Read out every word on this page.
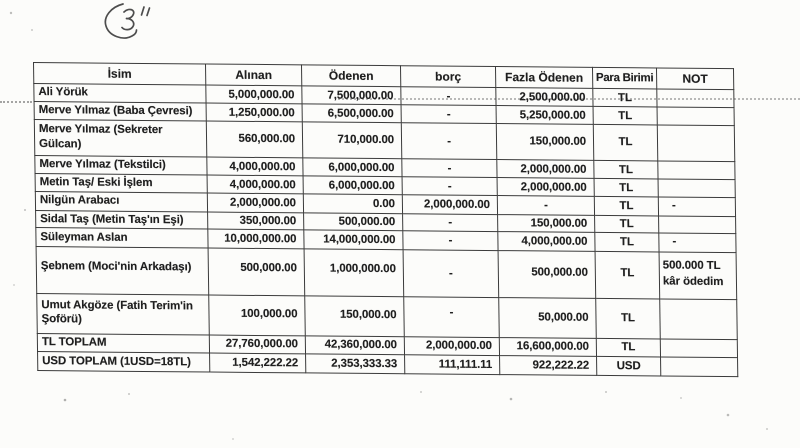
İsim	Alınan	Ödenen	borç	Fazla Ödenen	Para Birimi	NOT
Ali Yörük	5,000,000.00	7,500,000.00	-	2,500,000.00	TL	
Merve Yılmaz (Baba Çevresi)	1,250,000.00	6,500,000.00	-	5,250,000.00	TL	
Merve Yılmaz (Sekreter Gülcan)	560,000.00	710,000.00	-	150,000.00	TL	
Merve Yılmaz (Tekstilci)	4,000,000.00	6,000,000.00	-	2,000,000.00	TL	
Metin Taş/ Eski İşlem	4,000,000.00	6,000,000.00	-	2,000,000.00	TL	
Nilgün Arabacı	2,000,000.00	0.00	2,000,000.00	-	TL	-
Sidal Taş (Metin Taş'ın Eşi)	350,000.00	500,000.00	-	150,000.00	TL	
Süleyman Aslan	10,000,000.00	14,000,000.00	-	4,000,000.00	TL	-
Şebnem (Moci'nin Arkadaşı)	500,000.00	1,000,000.00	-	500,000.00	TL	500.000 TL kâr ödedim
Umut Akgöze (Fatih Terim'in Şoförü)	100,000.00	150,000.00	-	50,000.00	TL	
TL TOPLAM	27,760,000.00	42,360,000.00	2,000,000.00	16,600,000.00	TL	
USD TOPLAM (1USD=18TL)	1,542,222.22	2,353,333.33	111,111.11	922,222.22	USD	
